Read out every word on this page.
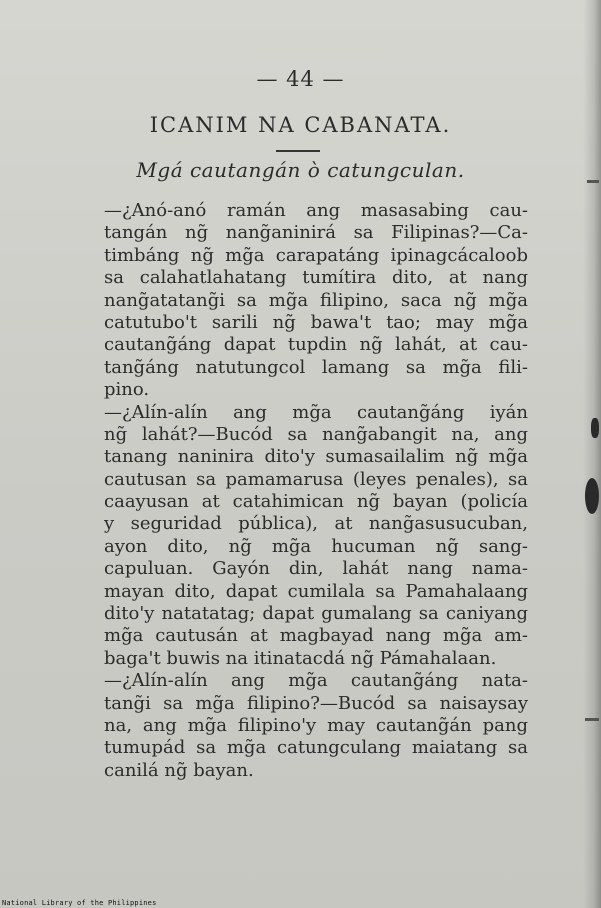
— 44 —
ICANIM NA CABANATA.
Mgá cautangán ò catungculan.
—¿Anó-anó ramán ang masasabing cau-
tangán ng̃ nang̃aninirá sa Filipinas?—Ca-
timbáng ng̃ mg̃a carapatáng ipinagcácaloob
sa calahatlahatang tumítira dito, at nang
nang̃atatang̃i sa mg̃a filipino, saca ng̃ mg̃a
catutubo't sarili ng̃ bawa't tao; may mg̃a
cautang̃áng dapat tupdin ng̃ lahát, at cau-
tang̃áng natutungcol lamang sa mg̃a fili-
pino.
—¿Alín-alín ang mg̃a cautang̃áng iyán
ng̃ lahát?—Bucód sa nang̃abangit na, ang
tanang naninira dito'y sumasailalim ng̃ mg̃a
cautusan sa pamamarusa (leyes penales), sa
caayusan at catahimican ng̃ bayan (policía
y seguridad pública), at nang̃asusucuban,
ayon dito, ng̃ mg̃a hucuman ng̃ sang-
capuluan. Gayón din, lahát nang nama-
mayan dito, dapat cumilala sa Pamahalaang
dito'y natatatag; dapat gumalang sa caniyang
mg̃a cautusán at magbayad nang mg̃a am-
baga't buwis na itinatacdá ng̃ Pámahalaan.
—¿Alín-alín ang mg̃a cautang̃áng nata-
tang̃i sa mg̃a filipino?—Bucód sa naisaysay
na, ang mg̃a filipino'y may cautang̃án pang
tumupád sa mg̃a catungculang maiatang sa
canilá ng̃ bayan.
National Library of the Philippines
